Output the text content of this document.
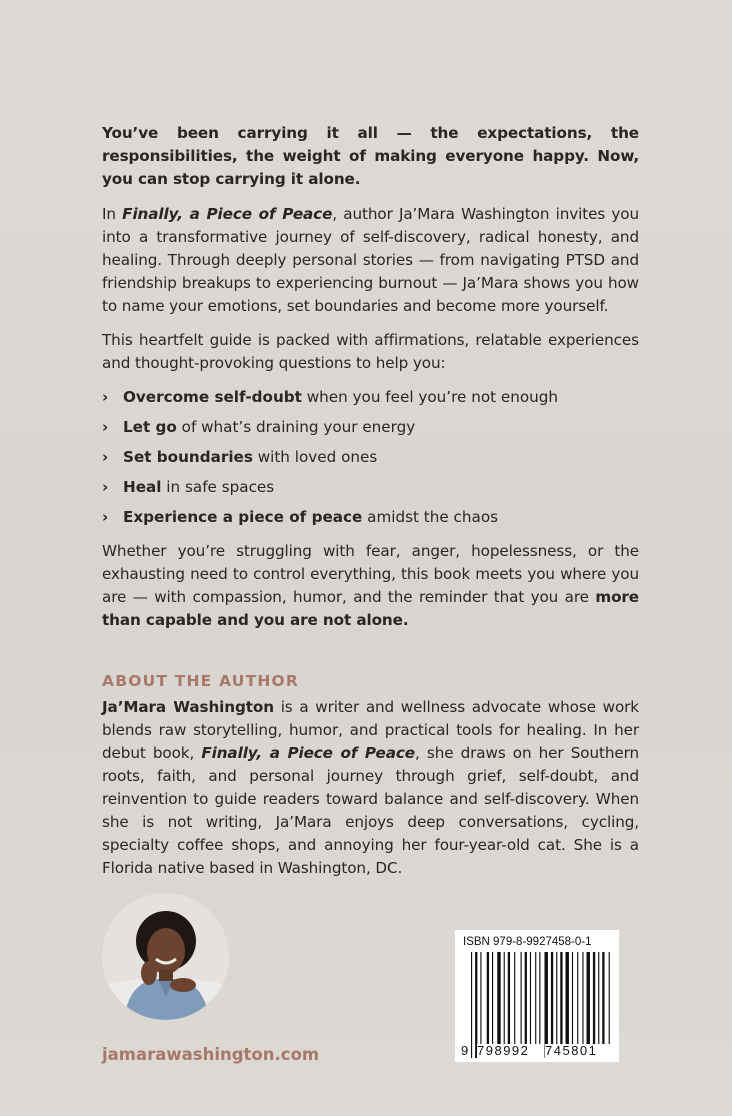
You’ve been carrying it all — the expectations, the responsibilities, the weight of making everyone happy. Now, you can stop carrying it alone.

In Finally, a Piece of Peace, author Ja’Mara Washington invites you into a transformative journey of self-discovery, radical honesty, and healing. Through deeply personal stories — from navigating PTSD and friendship breakups to experiencing burnout — Ja’Mara shows you how to name your emotions, set boundaries and become more yourself.

This heartfelt guide is packed with affirmations, relatable experiences and thought-provoking questions to help you:

› Overcome self-doubt when you feel you’re not enough
› Let go of what’s draining your energy
› Set boundaries with loved ones
› Heal in safe spaces
› Experience a piece of peace amidst the chaos

Whether you’re struggling with fear, anger, hopelessness, or the exhausting need to control everything, this book meets you where you are — with compassion, humor, and the reminder that you are more than capable and you are not alone.

ABOUT THE AUTHOR

Ja’Mara Washington is a writer and wellness advocate whose work blends raw storytelling, humor, and practical tools for healing. In her debut book, Finally, a Piece of Peace, she draws on her Southern roots, faith, and personal journey through grief, self-doubt, and reinvention to guide readers toward balance and self-discovery. When she is not writing, Ja’Mara enjoys deep conversations, cycling, specialty coffee shops, and annoying her four-year-old cat. She is a Florida native based in Washington, DC.

jamarawashington.com
ISBN 979-8-9927458-0-1
9 798992 745801
